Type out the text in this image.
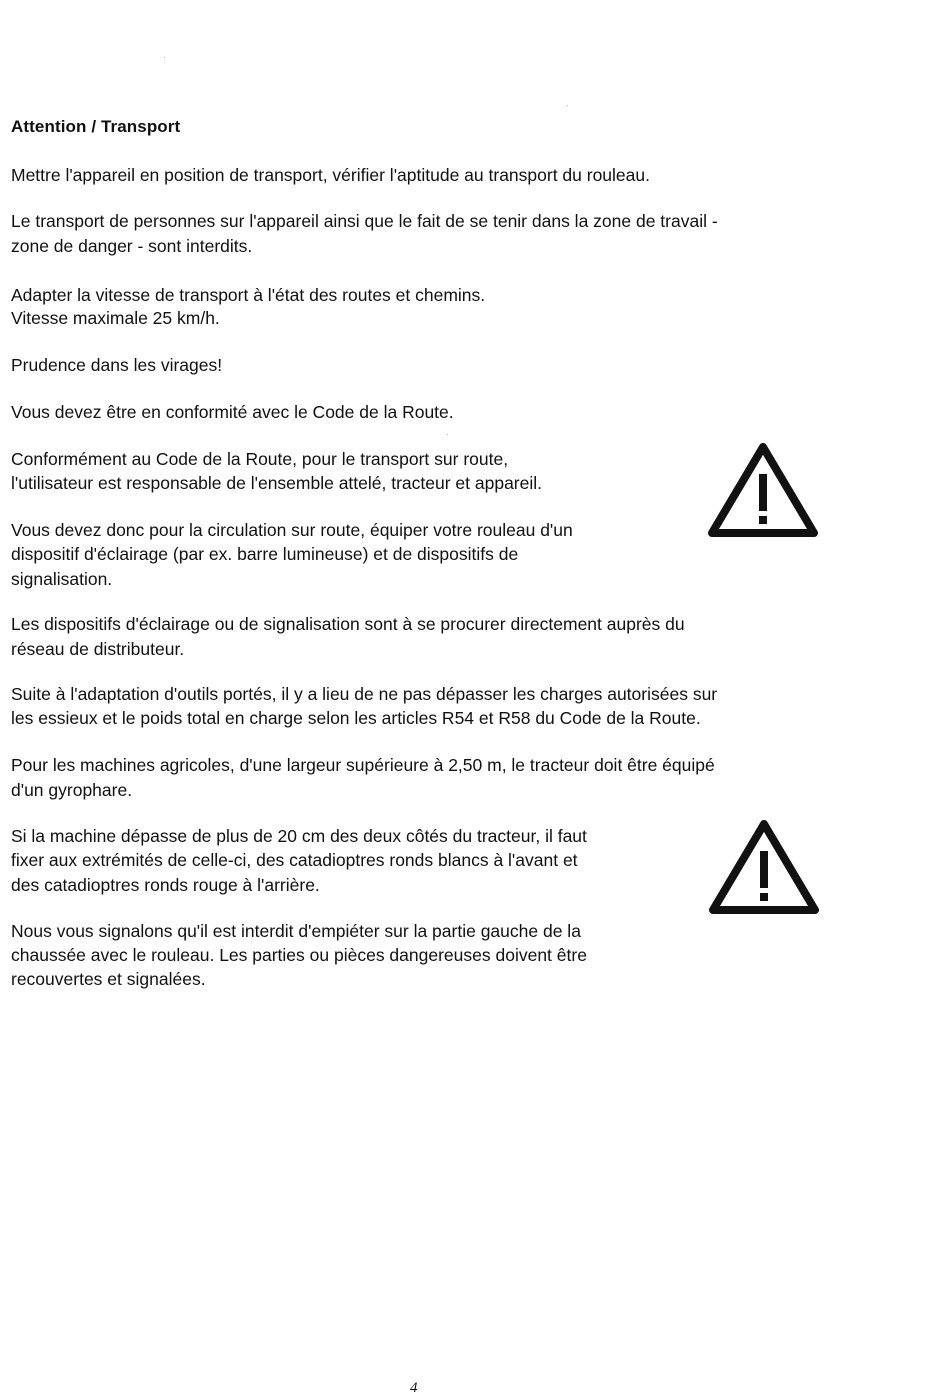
Attention / Transport
Mettre l'appareil en position de transport, vérifier l'aptitude au transport du rouleau.
Le transport de personnes sur l'appareil ainsi que le fait de se tenir dans la zone de travail -
zone de danger - sont interdits.
Adapter la vitesse de transport à l'état des routes et chemins.
Vitesse maximale 25 km/h.
Prudence dans les virages!
Vous devez être en conformité avec le Code de la Route.
Conformément au Code de la Route, pour le transport sur route,
l'utilisateur est responsable de l'ensemble attelé, tracteur et appareil.
Vous devez donc pour la circulation sur route, équiper votre rouleau d'un
dispositif d'éclairage (par ex. barre lumineuse) et de dispositifs de
signalisation.
Les dispositifs d'éclairage ou de signalisation sont à se procurer directement auprès du
réseau de distributeur.
Suite à l'adaptation d'outils portés, il y a lieu de ne pas dépasser les charges autorisées sur
les essieux et le poids total en charge selon les articles R54 et R58 du Code de la Route.
Pour les machines agricoles, d'une largeur supérieure à 2,50 m, le tracteur doit être équipé
d'un gyrophare.
Si la machine dépasse de plus de 20 cm des deux côtés du tracteur, il faut
fixer aux extrémités de celle-ci, des catadioptres ronds blancs à l'avant et
des catadioptres ronds rouge à l'arrière.
Nous vous signalons qu'il est interdit d'empiéter sur la partie gauche de la
chaussée avec le rouleau. Les parties ou pièces dangereuses doivent être
recouvertes et signalées.
4
